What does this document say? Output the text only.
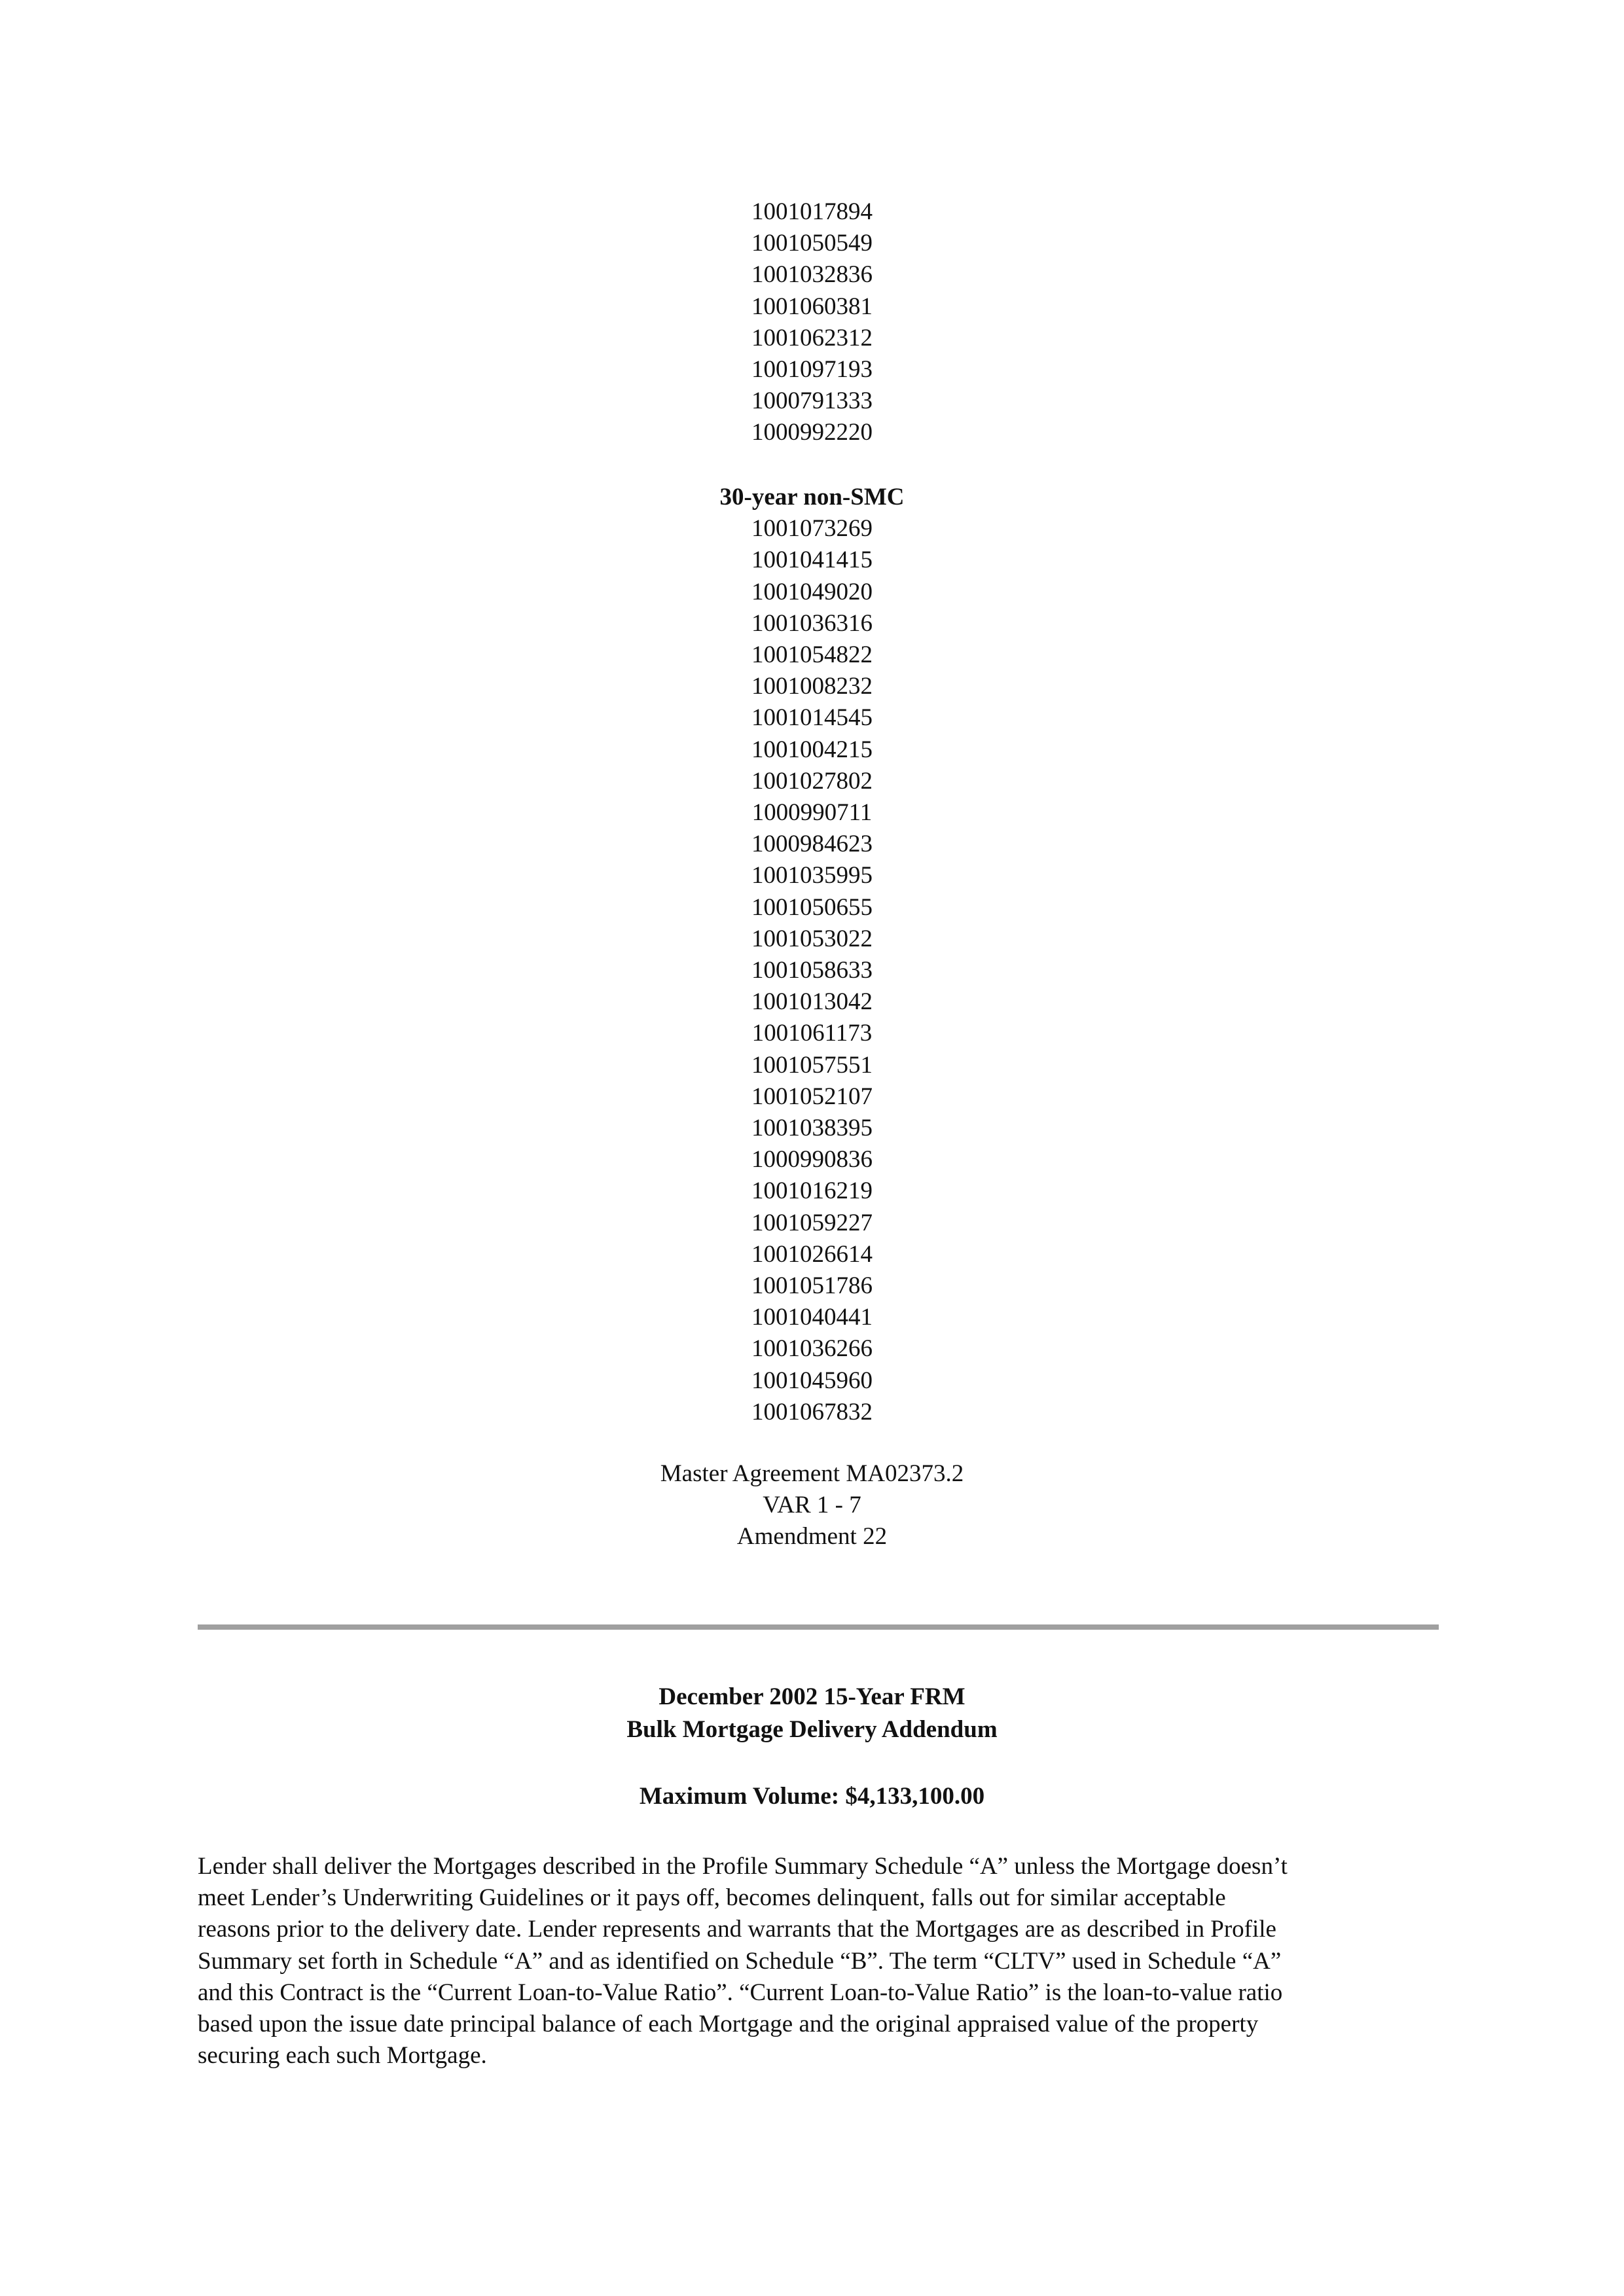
1001017894
1001050549
1001032836
1001060381
1001062312
1001097193
1000791333
1000992220
30-year non-SMC
1001073269
1001041415
1001049020
1001036316
1001054822
1001008232
1001014545
1001004215
1001027802
1000990711
1000984623
1001035995
1001050655
1001053022
1001058633
1001013042
1001061173
1001057551
1001052107
1001038395
1000990836
1001016219
1001059227
1001026614
1001051786
1001040441
1001036266
1001045960
1001067832
Master Agreement MA02373.2
VAR 1 - 7
Amendment 22
December 2002 15-Year FRM
Bulk Mortgage Delivery Addendum
Maximum Volume: $4,133,100.00
Lender shall deliver the Mortgages described in the Profile Summary Schedule “A” unless the Mortgage doesn’t
meet Lender’s Underwriting Guidelines or it pays off, becomes delinquent, falls out for similar acceptable
reasons prior to the delivery date. Lender represents and warrants that the Mortgages are as described in Profile
Summary set forth in Schedule “A” and as identified on Schedule “B”. The term “CLTV” used in Schedule “A”
and this Contract is the “Current Loan-to-Value Ratio”. “Current Loan-to-Value Ratio” is the loan-to-value ratio
based upon the issue date principal balance of each Mortgage and the original appraised value of the property
securing each such Mortgage.
